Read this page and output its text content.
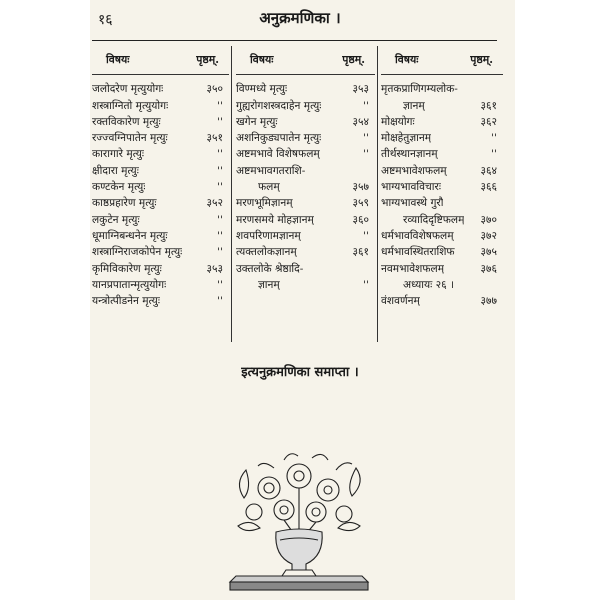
१६	अनुक्रमणिका ।
विषयः	पृष्ठम्.
जलोदरेण मृत्युयोगः	३५०
शस्त्राग्नितो मृत्युयोगः	''
रक्तविकारेण मृत्युः	''
रज्ज्वग्निपातेन मृत्युः	३५१
कारागारे मृत्युः	''
क्षीदारा मृत्युः	''
कण्टकेन मृत्युः	''
काष्ठप्रहारेण मृत्युः	३५२
लकुटेन मृत्युः	''
धूमाग्निबन्धनेन मृत्युः	''
शस्त्राग्निराजकोपेन मृत्युः	''
कृमिविकारेण मृत्युः	३५३
यानप्रपातान्मृत्युयोगः	''
यन्त्रोत्पीडनेन मृत्युः	''
विषयः	पृष्ठम्.
विण्मध्ये मृत्युः	३५३
गुह्यरोगशस्त्रदाहेन मृत्युः	''
खगेन मृत्युः	३५४
अशनिकुड्यपातेन मृत्युः	''
अष्टमभावे विशेषफलम्	''
अष्टमभावगतराशि-
फलम्	३५७
मरणभूमिज्ञानम्	३५९
मरणसमये मोहज्ञानम्	३६०
शवपरिणामज्ञानम्	''
त्यक्तलोकज्ञानम्	३६१
उक्तलोके श्रेष्ठादि-
ज्ञानम्	''
विषयः	पृष्ठम्.
मृतकप्राणिगम्यलोक-
ज्ञानम्	३६१
मोक्षयोगः	३६२
मोक्षहेतुज्ञानम्	''
तीर्थस्थानज्ञानम्	''
अष्टमभावेशफलम्	३६४
भाग्यभावविचारः	३६६
भाग्यभावस्थे गुरौ
रव्यादिदृष्टिफलम् ३७०
धर्मभावविशेषफलम्	३७२
धर्मभावस्थितराशिफ ३७५
नवमभावेशफलम्	३७६
अध्यायः २६ ।
वंशवर्णनम्	३७७
इत्यनुक्रमणिका समाप्ता ।
